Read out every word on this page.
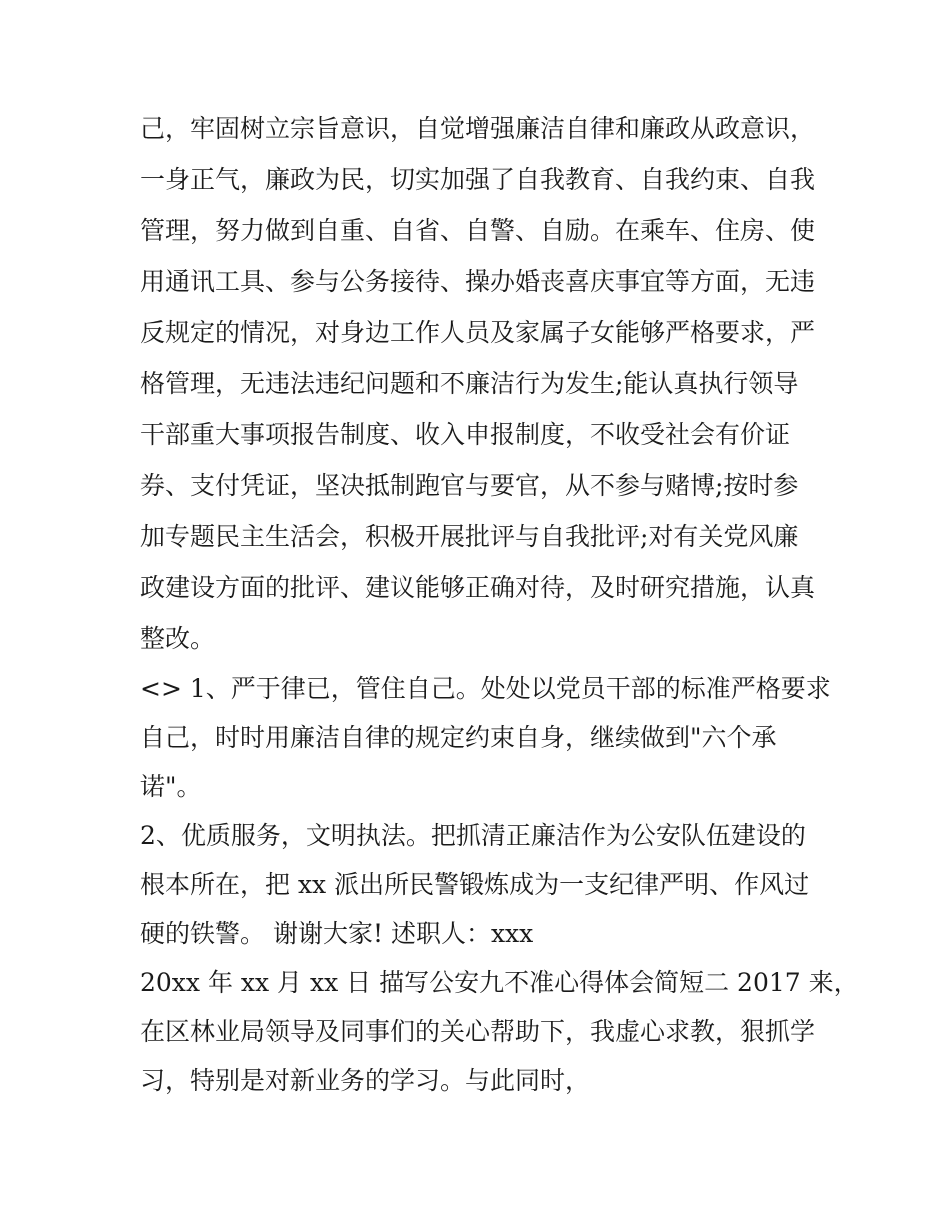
己，牢固树立宗旨意识，自觉增强廉洁自律和廉政从政意识，

一身正气，廉政为民，切实加强了自我教育、自我约束、自我

管理，努力做到自重、自省、自警、自励。在乘车、住房、使

用通讯工具、参与公务接待、操办婚丧喜庆事宜等方面，无违

反规定的情况，对身边工作人员及家属子女能够严格要求，严

格管理，无违法违纪问题和不廉洁行为发生;能认真执行领导

干部重大事项报告制度、收入申报制度，不收受社会有价证

券、支付凭证，坚决抵制跑官与要官，从不参与赌博;按时参

加专题民主生活会，积极开展批评与自我批评;对有关党风廉

政建设方面的批评、建议能够正确对待，及时研究措施，认真

整改。

<> 1、严于律已，管住自己。处处以党员干部的标准严格要求

自己，时时用廉洁自律的规定约束自身，继续做到"六个承

诺"。

2、优质服务，文明执法。把抓清正廉洁作为公安队伍建设的

根本所在，把 xx 派出所民警锻炼成为一支纪律严明、作风过

硬的铁警。 谢谢大家! 述职人：xxx

20xx 年 xx 月 xx 日 描写公安九不准心得体会简短二 2017 来，

在区林业局领导及同事们的关心帮助下，我虚心求教，狠抓学

习，特别是对新业务的学习。与此同时，
